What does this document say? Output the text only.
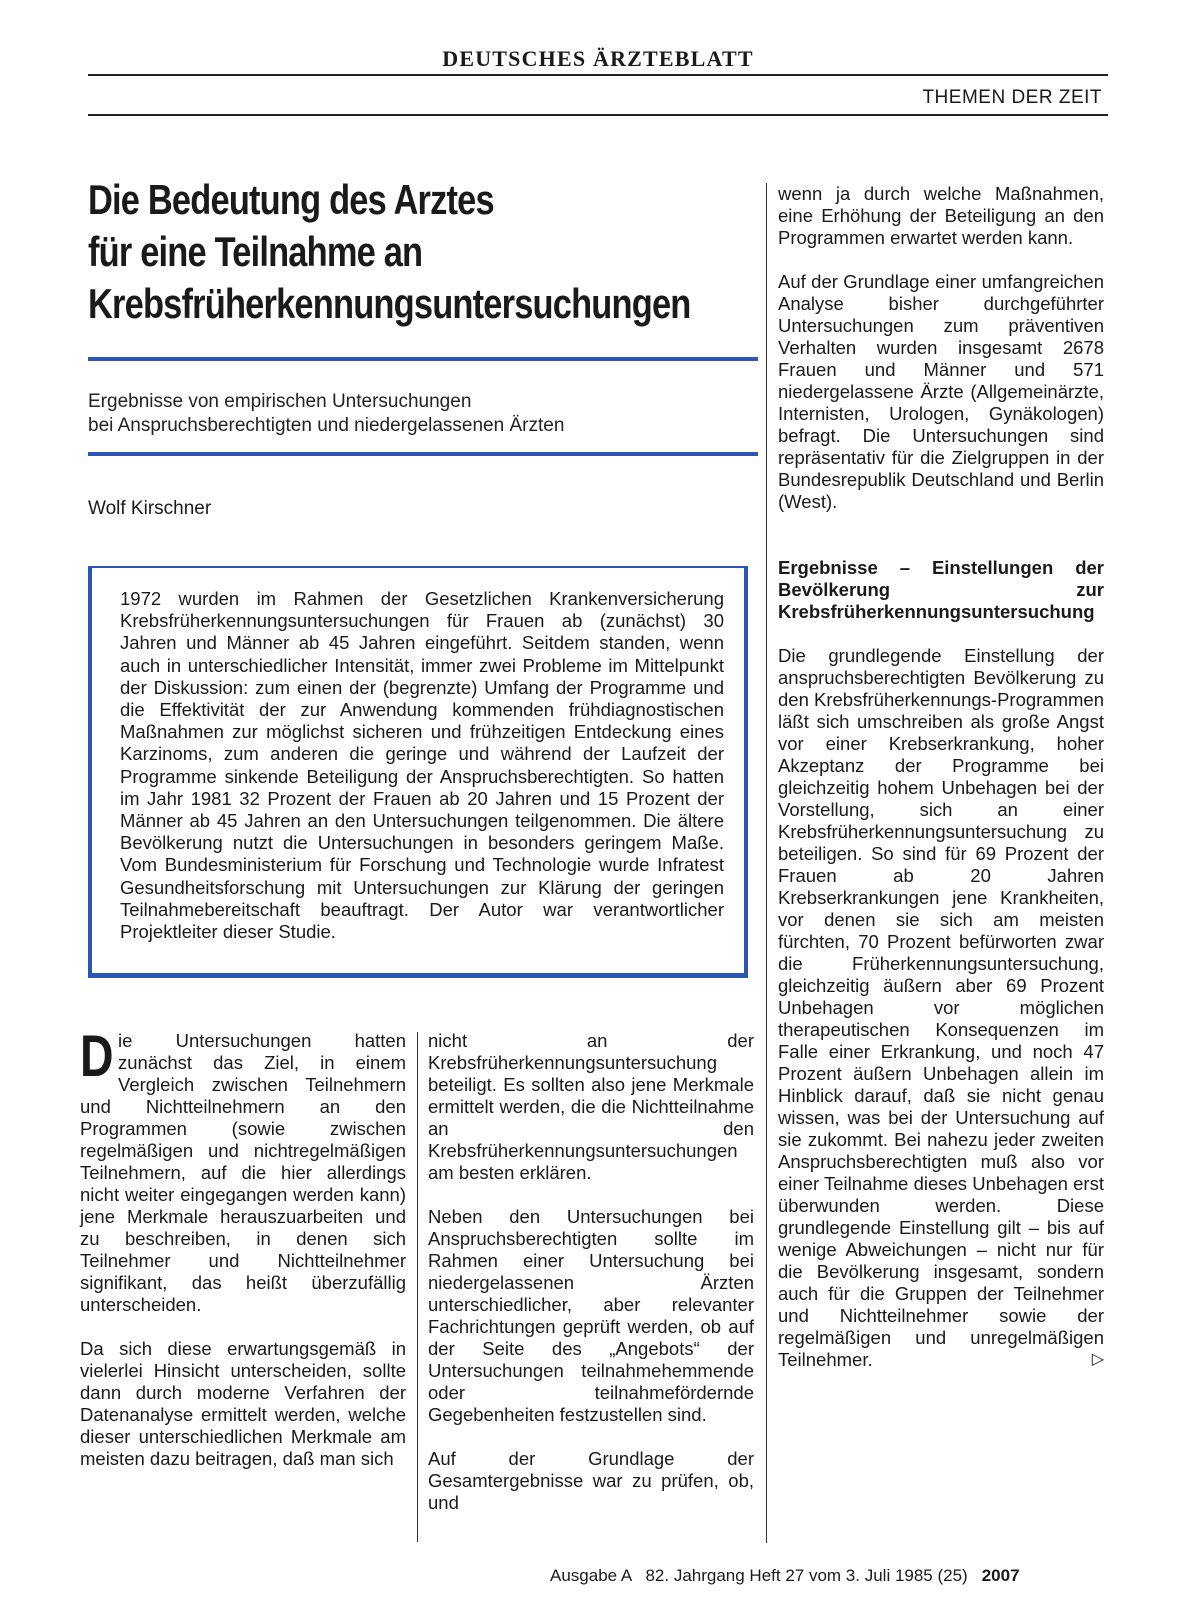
DEUTSCHES ÄRZTEBLATT
THEMEN DER ZEIT
Die Bedeutung des Arztes
für eine Teilnahme an
Krebsfrüherkennungsuntersuchungen
Ergebnisse von empirischen Untersuchungen
bei Anspruchsberechtigten und niedergelassenen Ärzten
Wolf Kirschner
1972 wurden im Rahmen der Gesetzlichen Krankenversicherung Krebsfrüherkennungsuntersuchungen für Frauen ab (zunächst) 30 Jahren und Männer ab 45 Jahren eingeführt. Seitdem standen, wenn auch in unterschiedlicher Intensität, immer zwei Probleme im Mittelpunkt der Diskussion: zum einen der (begrenzte) Umfang der Programme und die Effektivität der zur Anwendung kommenden frühdiagnostischen Maßnahmen zur möglichst sicheren und frühzeitigen Entdeckung eines Karzinoms, zum anderen die geringe und während der Laufzeit der Programme sinkende Beteiligung der Anspruchsberechtigten. So hatten im Jahr 1981 32 Prozent der Frauen ab 20 Jahren und 15 Prozent der Männer ab 45 Jahren an den Untersuchungen teilgenommen. Die ältere Bevölkerung nutzt die Untersuchungen in besonders geringem Maße. Vom Bundesministerium für Forschung und Technologie wurde Infratest Gesundheitsforschung mit Untersuchungen zur Klärung der geringen Teilnahmebereitschaft beauftragt. Der Autor war verantwortlicher Projektleiter dieser Studie.

Die Untersuchungen hatten zunächst das Ziel, in einem Vergleich zwischen Teilnehmern und Nichtteilnehmern an den Programmen (sowie zwischen regelmäßigen und nichtregelmäßigen Teilnehmern, auf die hier allerdings nicht weiter eingegangen werden kann) jene Merkmale herauszuarbeiten und zu beschreiben, in denen sich Teilnehmer und Nichtteilnehmer signifikant, das heißt überzufällig unterscheiden.

Da sich diese erwartungsgemäß in vielerlei Hinsicht unterscheiden, sollte dann durch moderne Verfahren der Datenanalyse ermittelt werden, welche dieser unterschiedlichen Merkmale am meisten dazu beitragen, daß man sich

nicht an der Krebsfrüherkennungsuntersuchung beteiligt. Es sollten also jene Merkmale ermittelt werden, die die Nichtteilnahme an den Krebsfrüherkennungsuntersuchungen am besten erklären.

Neben den Untersuchungen bei Anspruchsberechtigten sollte im Rahmen einer Untersuchung bei niedergelassenen Ärzten unterschiedlicher, aber relevanter Fachrichtungen geprüft werden, ob auf der Seite des „Angebots“ der Untersuchungen teilnahmehemmende oder teilnahmefördernde Gegebenheiten festzustellen sind.

Auf der Grundlage der Gesamtergebnisse war zu prüfen, ob, und

wenn ja durch welche Maßnahmen, eine Erhöhung der Beteiligung an den Programmen erwartet werden kann.

Auf der Grundlage einer umfangreichen Analyse bisher durchgeführter Untersuchungen zum präventiven Verhalten wurden insgesamt 2678 Frauen und Männer und 571 niedergelassene Ärzte (Allgemeinärzte, Internisten, Urologen, Gynäkologen) befragt. Die Untersuchungen sind repräsentativ für die Zielgruppen in der Bundesrepublik Deutschland und Berlin (West).

Ergebnisse – Einstellungen der Bevölkerung zur Krebsfrüherkennungsuntersuchung

Die grundlegende Einstellung der anspruchsberechtigten Bevölkerung zu den Krebsfrüherkennungs-Programmen läßt sich umschreiben als große Angst vor einer Krebserkrankung, hoher Akzeptanz der Programme bei gleichzeitig hohem Unbehagen bei der Vorstellung, sich an einer Krebsfrüherkennungsuntersuchung zu beteiligen. So sind für 69 Prozent der Frauen ab 20 Jahren Krebserkrankungen jene Krankheiten, vor denen sie sich am meisten fürchten, 70 Prozent befürworten zwar die Früherkennungsuntersuchung, gleichzeitig äußern aber 69 Prozent Unbehagen vor möglichen therapeutischen Konsequenzen im Falle einer Erkrankung, und noch 47 Prozent äußern Unbehagen allein im Hinblick darauf, daß sie nicht genau wissen, was bei der Untersuchung auf sie zukommt. Bei nahezu jeder zweiten Anspruchsberechtigten muß also vor einer Teilnahme dieses Unbehagen erst überwunden werden. Diese grundlegende Einstellung gilt – bis auf wenige Abweichungen – nicht nur für die Bevölkerung insgesamt, sondern auch für die Gruppen der Teilnehmer und Nichtteilnehmer sowie der regelmäßigen und unregelmäßigen Teilnehmer.	▷

Ausgabe A   82. Jahrgang Heft 27 vom 3. Juli 1985 (25) 2007
